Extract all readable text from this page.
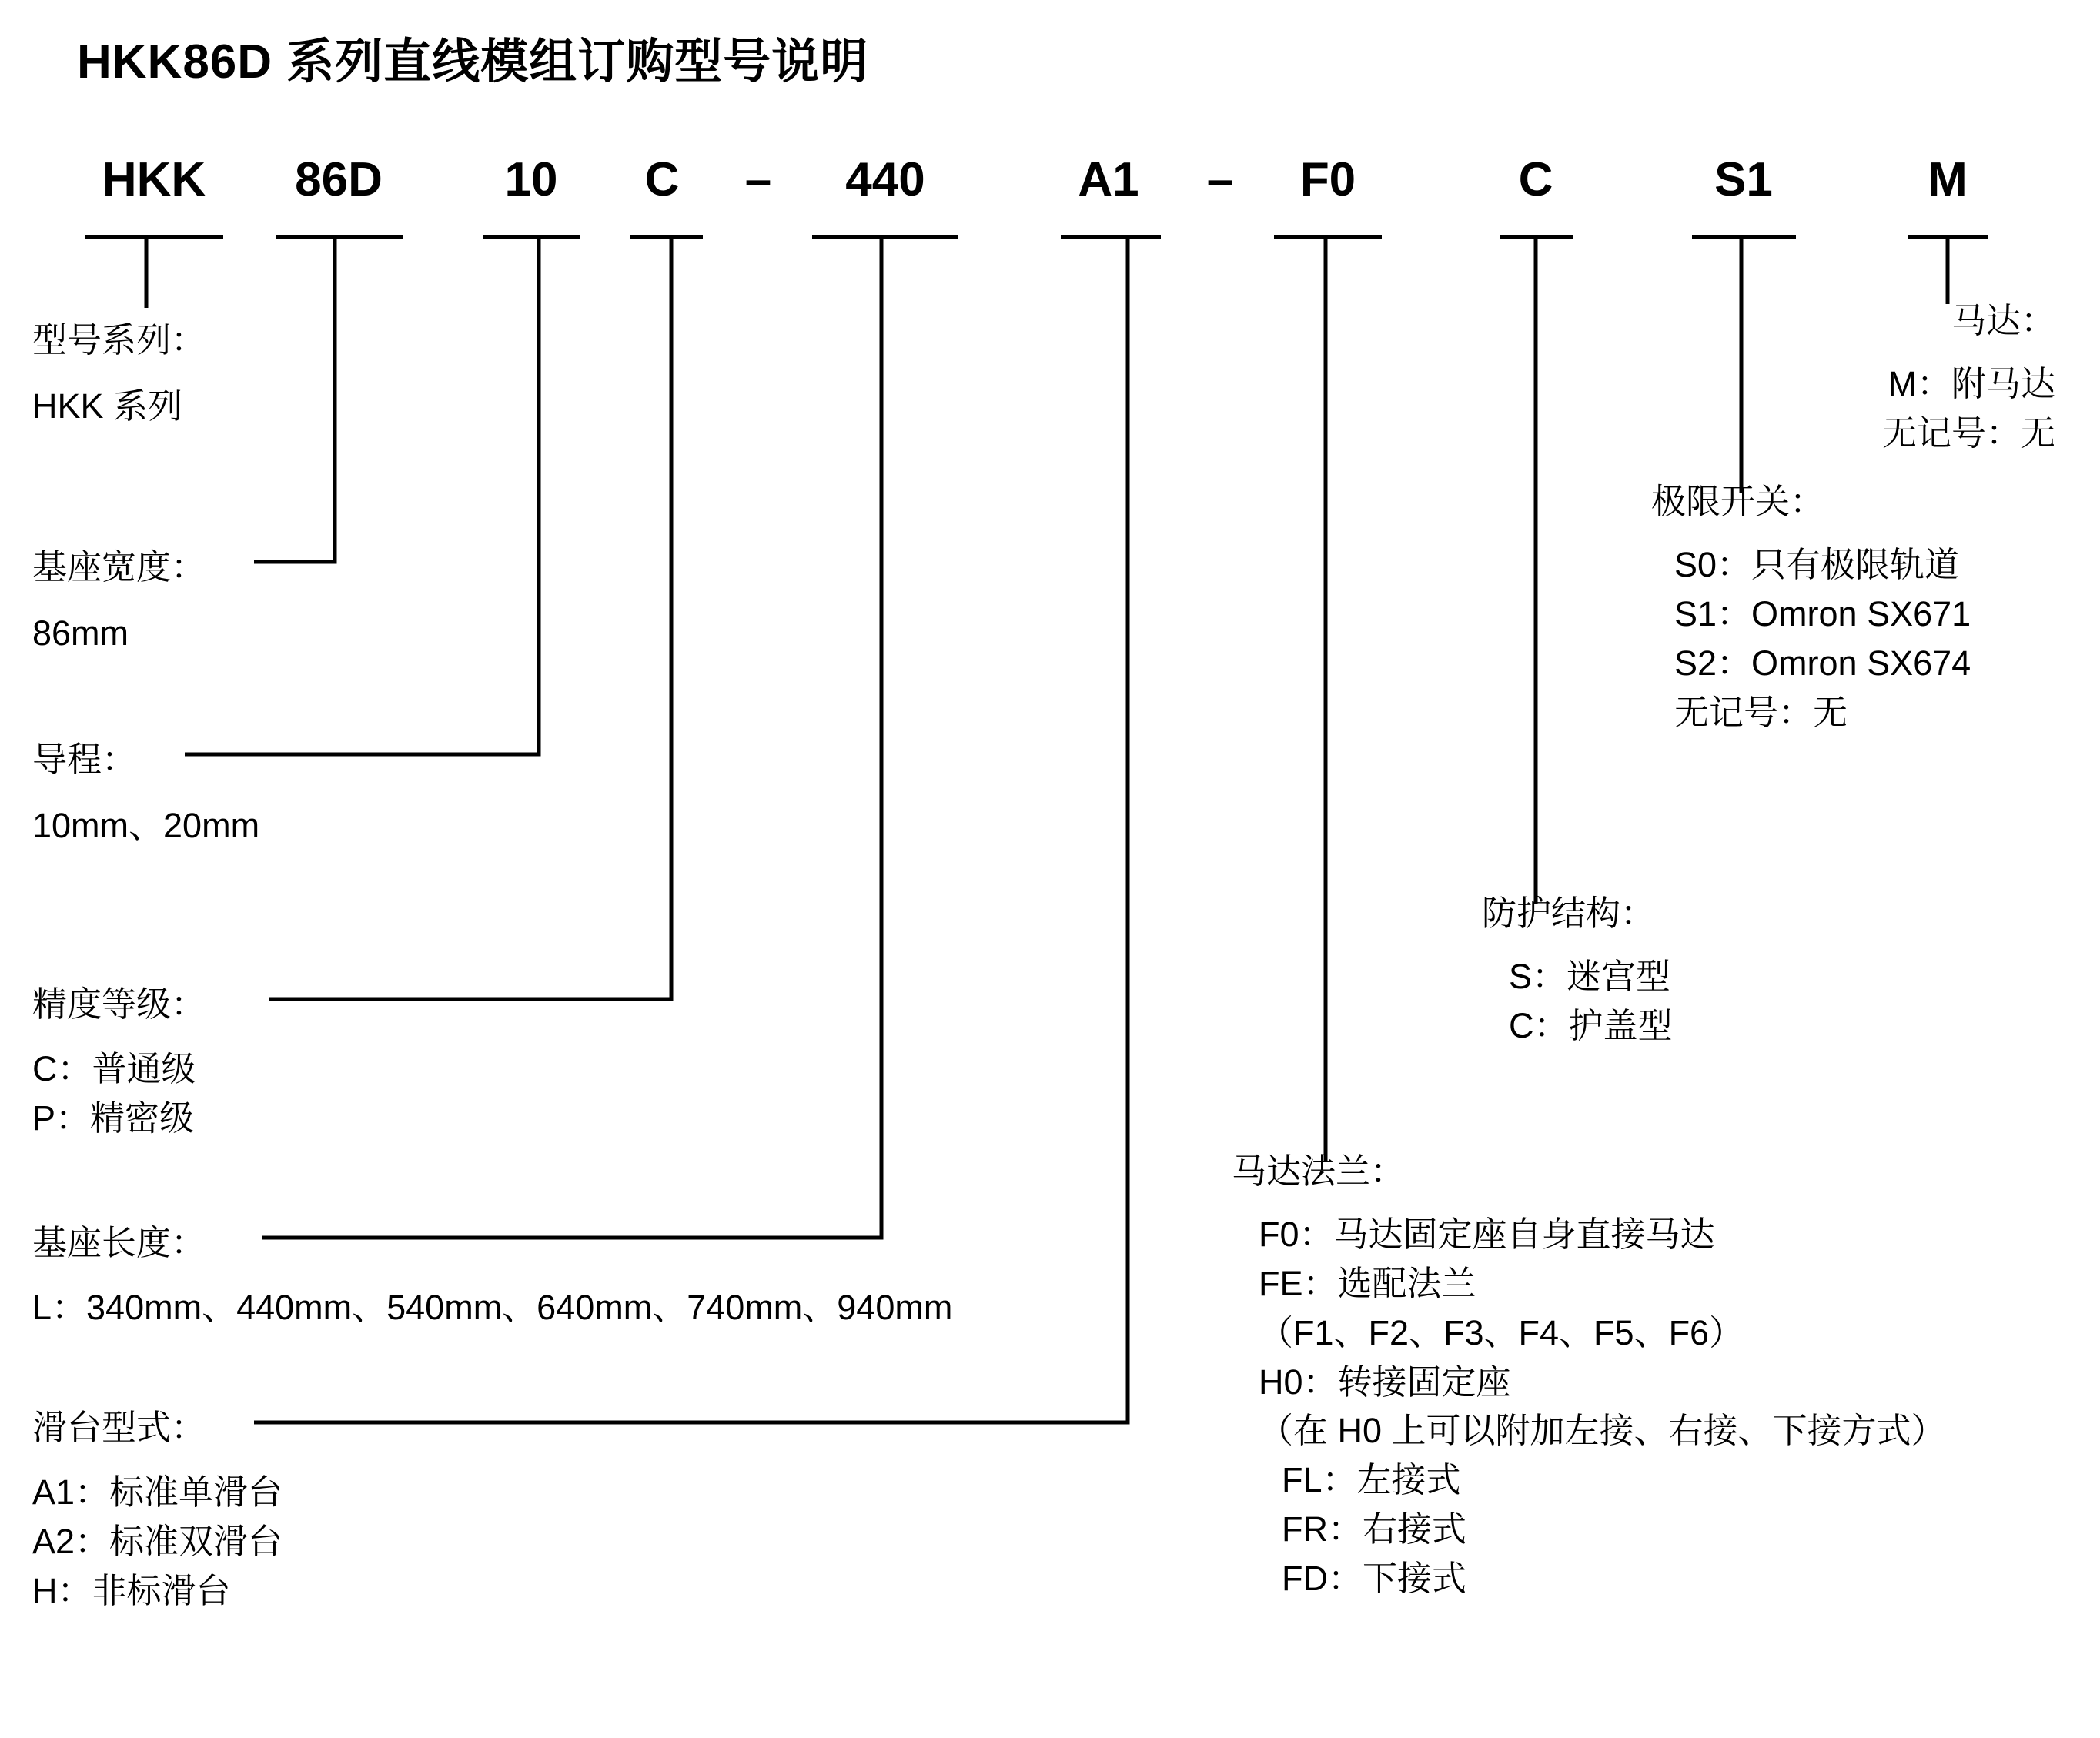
HKK86D 系列直线模组订购型号说明
HKK	86D	10	C	–	440	A1	–	F0	C	S1	M
型号系列：
HKK 系列
基座宽度：
86mm
导程：
10mm、20mm
精度等级：
C：普通级
P：精密级
基座长度：
L：340mm、440mm、540mm、640mm、740mm、940mm
滑台型式：
A1：标准单滑台
A2：标准双滑台
H：非标滑台
马达法兰：
F0：马达固定座自身直接马达
FE：选配法兰
（F1、F2、F3、F4、F5、F6）
H0：转接固定座
（在 H0 上可以附加左接、右接、下接方式）
FL：左接式
FR：右接式
FD：下接式
防护结构：
S：迷宫型
C：护盖型
极限开关：
S0：只有极限轨道
S1：Omron SX671
S2：Omron SX674
无记号：无
马达：
M：附马达
无记号：无
